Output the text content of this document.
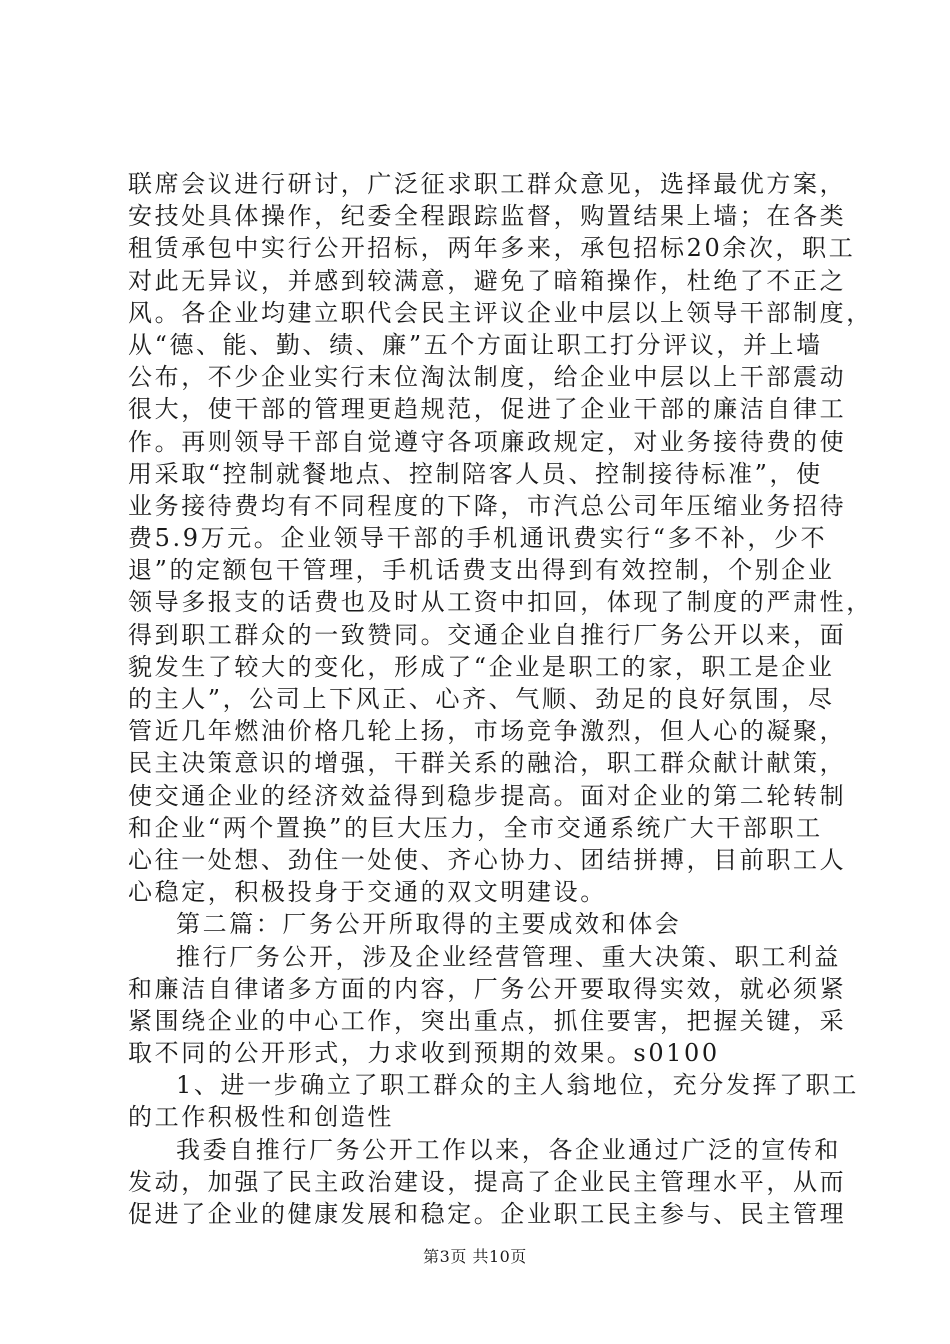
联席会议进行研讨，广泛征求职工群众意见，选择最优方案，
安技处具体操作，纪委全程跟踪监督，购置结果上墙；在各类
租赁承包中实行公开招标，两年多来，承包招标20余次，职工
对此无异议，并感到较满意，避免了暗箱操作，杜绝了不正之
风。各企业均建立职代会民主评议企业中层以上领导干部制度，
从“德、能、勤、绩、廉”五个方面让职工打分评议，并上墙
公布，不少企业实行末位淘汰制度，给企业中层以上干部震动
很大，使干部的管理更趋规范，促进了企业干部的廉洁自律工
作。再则领导干部自觉遵守各项廉政规定，对业务接待费的使
用采取“控制就餐地点、控制陪客人员、控制接待标准”，使
业务接待费均有不同程度的下降，市汽总公司年压缩业务招待
费5.9万元。企业领导干部的手机通讯费实行“多不补，少不
退”的定额包干管理，手机话费支出得到有效控制，个别企业
领导多报支的话费也及时从工资中扣回，体现了制度的严肃性，
得到职工群众的一致赞同。交通企业自推行厂务公开以来，面
貌发生了较大的变化，形成了“企业是职工的家，职工是企业
的主人”，公司上下风正、心齐、气顺、劲足的良好氛围，尽
管近几年燃油价格几轮上扬，市场竞争激烈，但人心的凝聚，
民主决策意识的增强，干群关系的融洽，职工群众献计献策，
使交通企业的经济效益得到稳步提高。面对企业的第二轮转制
和企业“两个置换”的巨大压力，全市交通系统广大干部职工
心往一处想、劲住一处使、齐心协力、团结拼搏，目前职工人
心稳定，积极投身于交通的双文明建设。
第二篇：厂务公开所取得的主要成效和体会
推行厂务公开，涉及企业经营管理、重大决策、职工利益
和廉洁自律诸多方面的内容，厂务公开要取得实效，就必须紧
紧围绕企业的中心工作，突出重点，抓住要害，把握关键，采
取不同的公开形式，力求收到预期的效果。s0100
1、进一步确立了职工群众的主人翁地位，充分发挥了职工
的工作积极性和创造性
我委自推行厂务公开工作以来，各企业通过广泛的宣传和
发动，加强了民主政治建设，提高了企业民主管理水平，从而
促进了企业的健康发展和稳定。企业职工民主参与、民主管理
第3页 共10页
